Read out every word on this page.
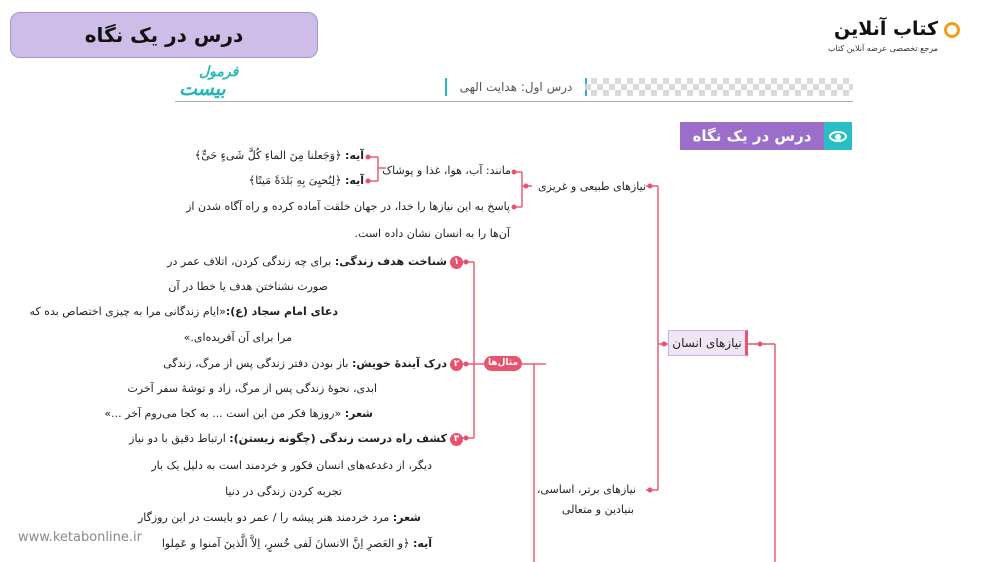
درس در یک نگاه	کتاب آنلاین
مرجع تخصصی عرضه آنلاین کتاب
فرمول
بیست	درس اول: هدایت الهی
درس در یک نگاه
نیازهای انسان
نیازهای طبیعی و غریزی
مانند: آب، هوا، غذا و پوشاک
آیه: ﴿وَجَعلنا مِنَ الماءِ کُلَّ شَیءٍ حَیٍّ﴾
آیه: ﴿لِنُحیِیَ بِهِ بَلدَةً مَیتًا﴾
پاسخ به این نیازها را خدا، در جهان خلقت آماده کرده و راه آگاه شدن از
آن‌ها را به انسان نشان داده است.
نیازهای برتر، اساسی،
بنیادین و متعالی
مثال‌ها
۱
شناخت هدف زندگی: برای چه زندگی کردن، اتلاف عمر در
صورت نشناختن هدف یا خطا در آن
دعای امام سجاد (ع):«ایام زندگانی مرا به چیزی اختصاص بده که
مرا برای آن آفریده‌ای.»
۲
درک آیندهٔ خویش: باز بودن دفتر زندگی پس از مرگ، زندگی
ابدی، نحوهٔ زندگی پس از مرگ، زاد و توشهٔ سفر آخرت
شعر: «روزها فکر من این است ... به کجا می‌روم آخر ...»
۳
کشف راه درست زندگی (چگونه زیستن): ارتباط دقیق با دو نیاز
دیگر، از دغدغه‌های انسان فکور و خردمند است به دلیل یک بار
تجربه کردن زندگی در دنیا
شعر: مرد خردمند هنر پیشه را / عمر دو بایست در این روزگار
آیه: ﴿و العَصرِ اِنَّ الانسانَ لَفی خُسرٍ، اِلاَّ الَّذینَ آمنوا و عَمِلوا
www.ketabonline.ir
